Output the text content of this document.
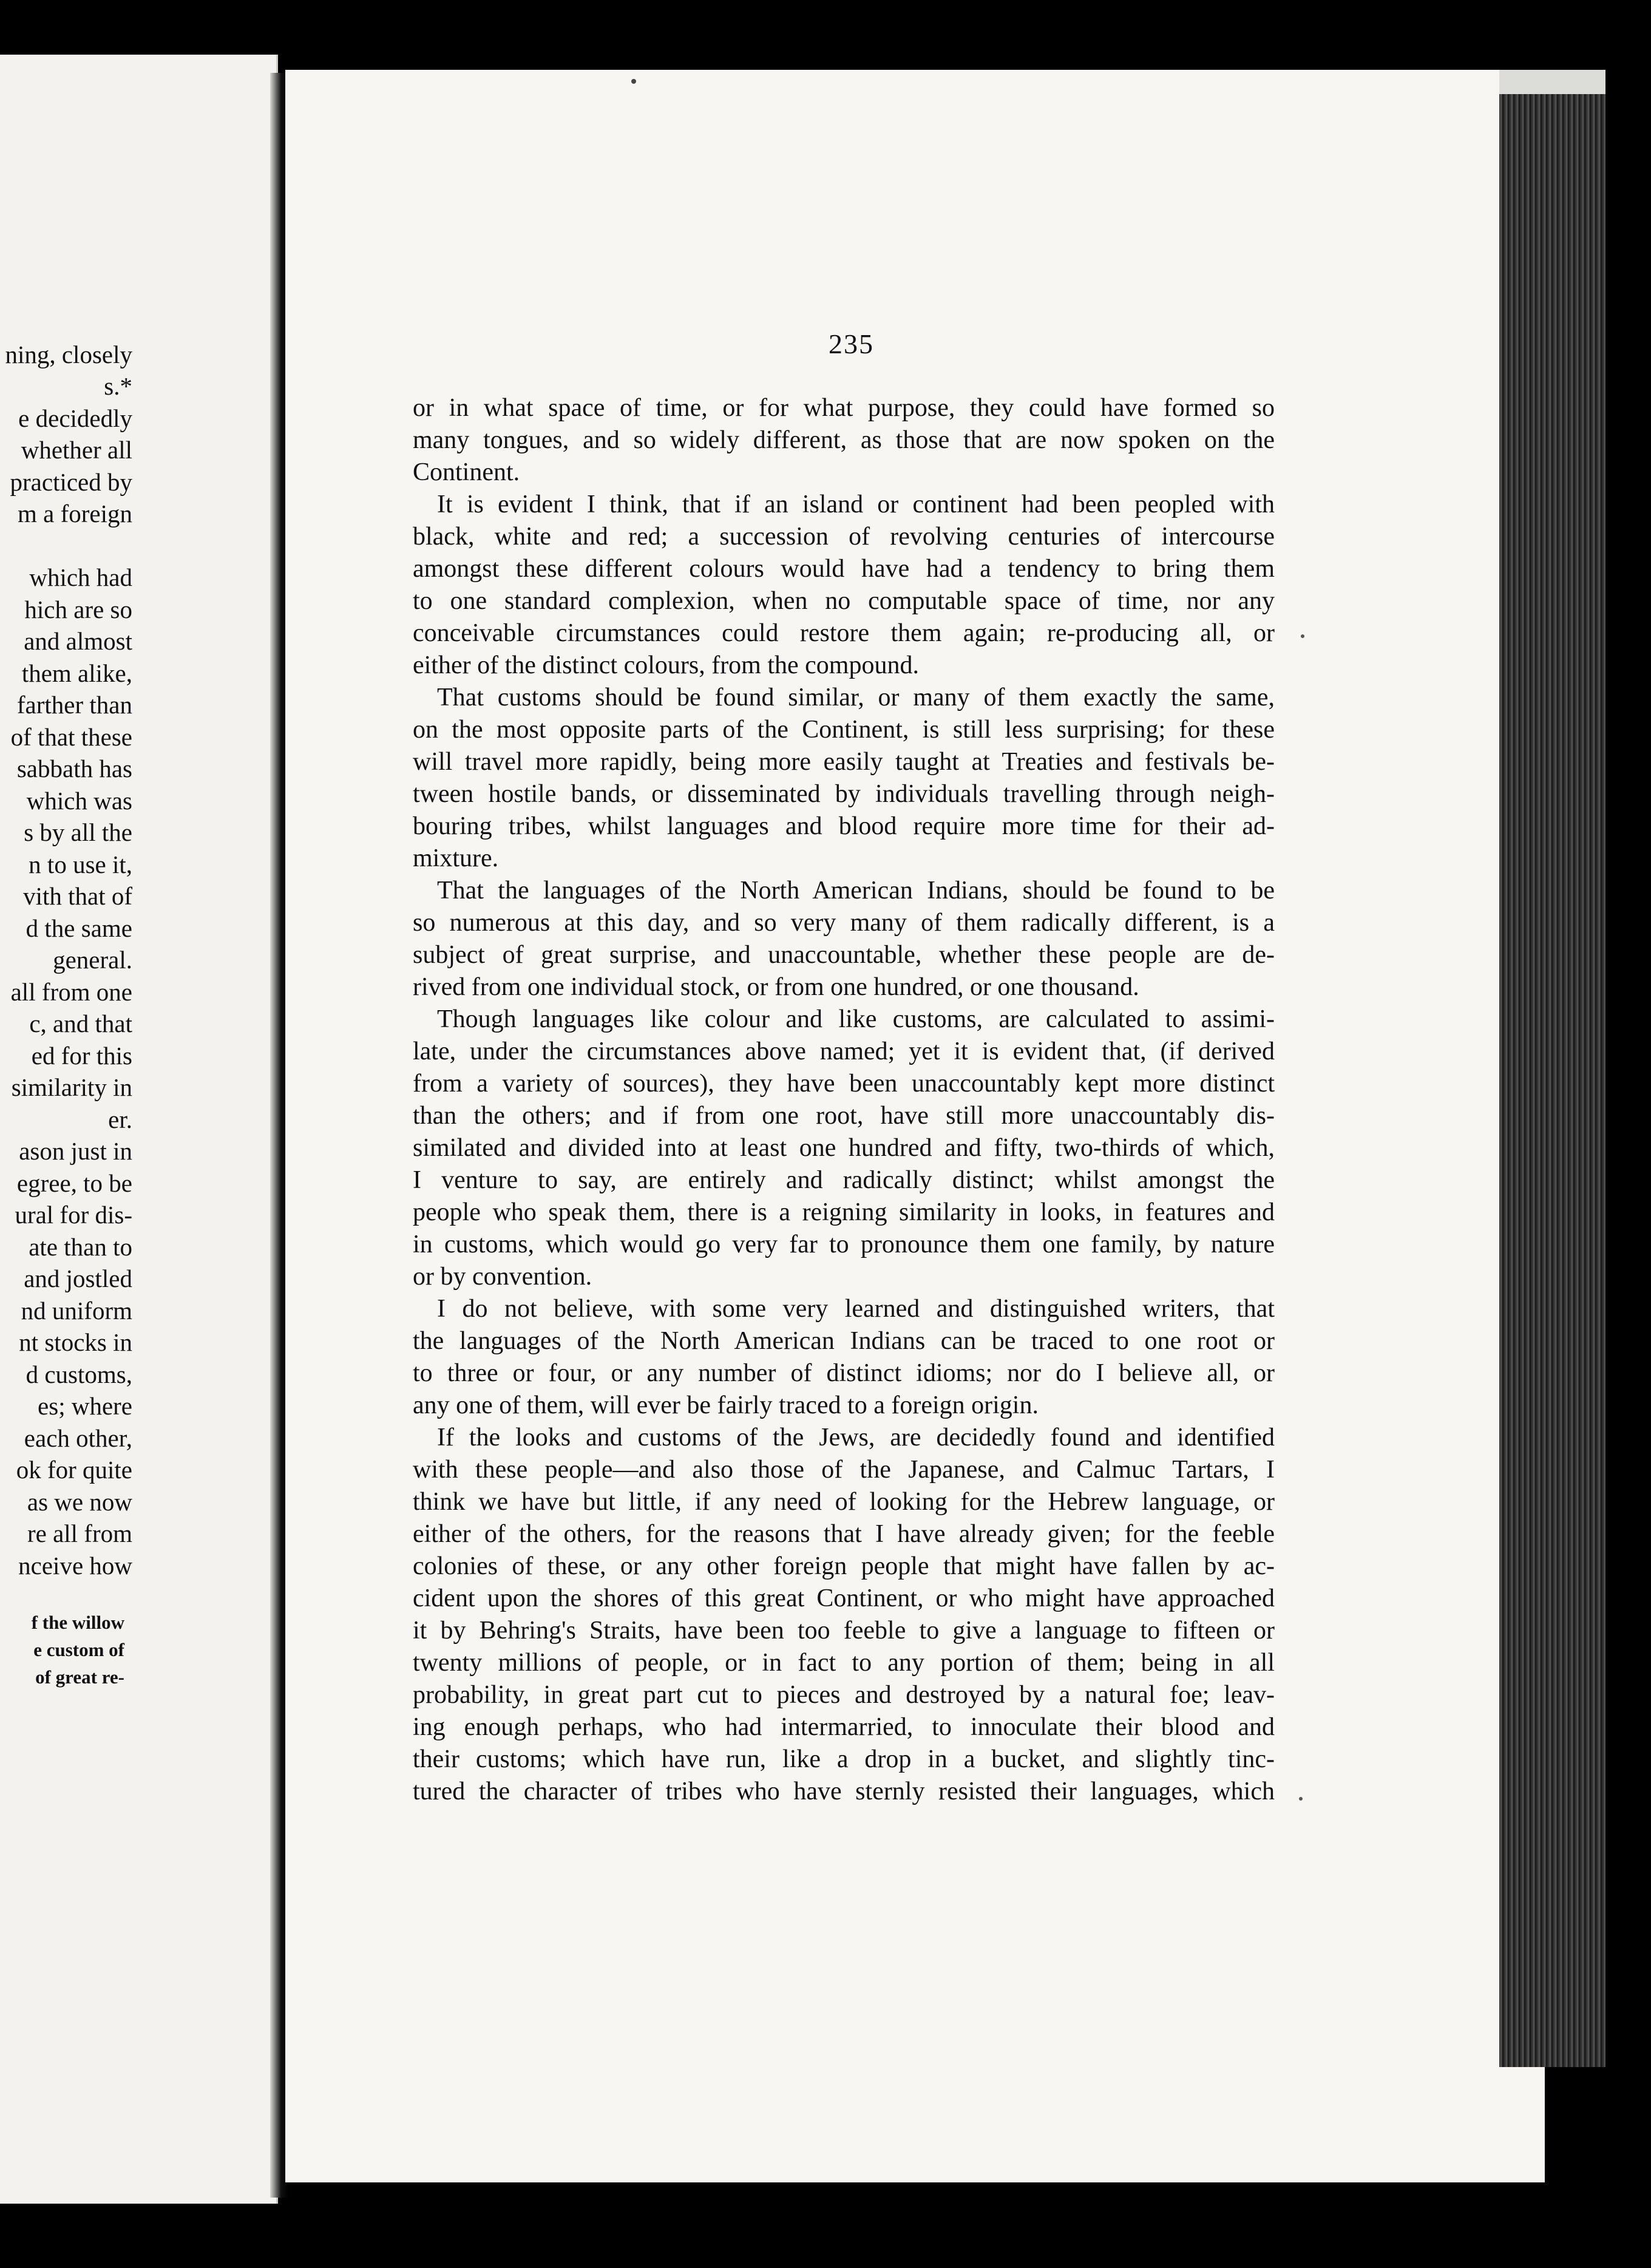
ning, closely
s.*
e decidedly
whether all
practiced by
m a foreign
which had
hich are so
and almost
them alike,
farther than
of that these
sabbath has
which was
s by all the
n to use it,
vith that of
d the same
general.
all from one
c, and that
ed for this
similarity in
er.
ason just in
egree, to be
ural for dis-
ate than to
and jostled
nd uniform
nt stocks in
d customs,
es; where
each other,
ok for quite
as we now
re all from
nceive how
f the willow
e custom of
of great re-
235
or in what space of time, or for what purpose, they could have formed so
many tongues, and so widely different, as those that are now spoken on the
Continent.
It is evident I think, that if an island or continent had been peopled with
black, white and red; a succession of revolving centuries of intercourse
amongst these different colours would have had a tendency to bring them
to one standard complexion, when no computable space of time, nor any
conceivable circumstances could restore them again; re-producing all, or
either of the distinct colours, from the compound.
That customs should be found similar, or many of them exactly the same,
on the most opposite parts of the Continent, is still less surprising; for these
will travel more rapidly, being more easily taught at Treaties and festivals be-
tween hostile bands, or disseminated by individuals travelling through neigh-
bouring tribes, whilst languages and blood require more time for their ad-
mixture.
That the languages of the North American Indians, should be found to be
so numerous at this day, and so very many of them radically different, is a
subject of great surprise, and unaccountable, whether these people are de-
rived from one individual stock, or from one hundred, or one thousand.
Though languages like colour and like customs, are calculated to assimi-
late, under the circumstances above named; yet it is evident that, (if derived
from a variety of sources), they have been unaccountably kept more distinct
than the others; and if from one root, have still more unaccountably dis-
similated and divided into at least one hundred and fifty, two-thirds of which,
I venture to say, are entirely and radically distinct; whilst amongst the
people who speak them, there is a reigning similarity in looks, in features and
in customs, which would go very far to pronounce them one family, by nature
or by convention.
I do not believe, with some very learned and distinguished writers, that
the languages of the North American Indians can be traced to one root or
to three or four, or any number of distinct idioms; nor do I believe all, or
any one of them, will ever be fairly traced to a foreign origin.
If the looks and customs of the Jews, are decidedly found and identified
with these people—and also those of the Japanese, and Calmuc Tartars, I
think we have but little, if any need of looking for the Hebrew language, or
either of the others, for the reasons that I have already given; for the feeble
colonies of these, or any other foreign people that might have fallen by ac-
cident upon the shores of this great Continent, or who might have approached
it by Behring's Straits, have been too feeble to give a language to fifteen or
twenty millions of people, or in fact to any portion of them; being in all
probability, in great part cut to pieces and destroyed by a natural foe; leav-
ing enough perhaps, who had intermarried, to innoculate their blood and
their customs; which have run, like a drop in a bucket, and slightly tinc-
tured the character of tribes who have sternly resisted their languages, which
